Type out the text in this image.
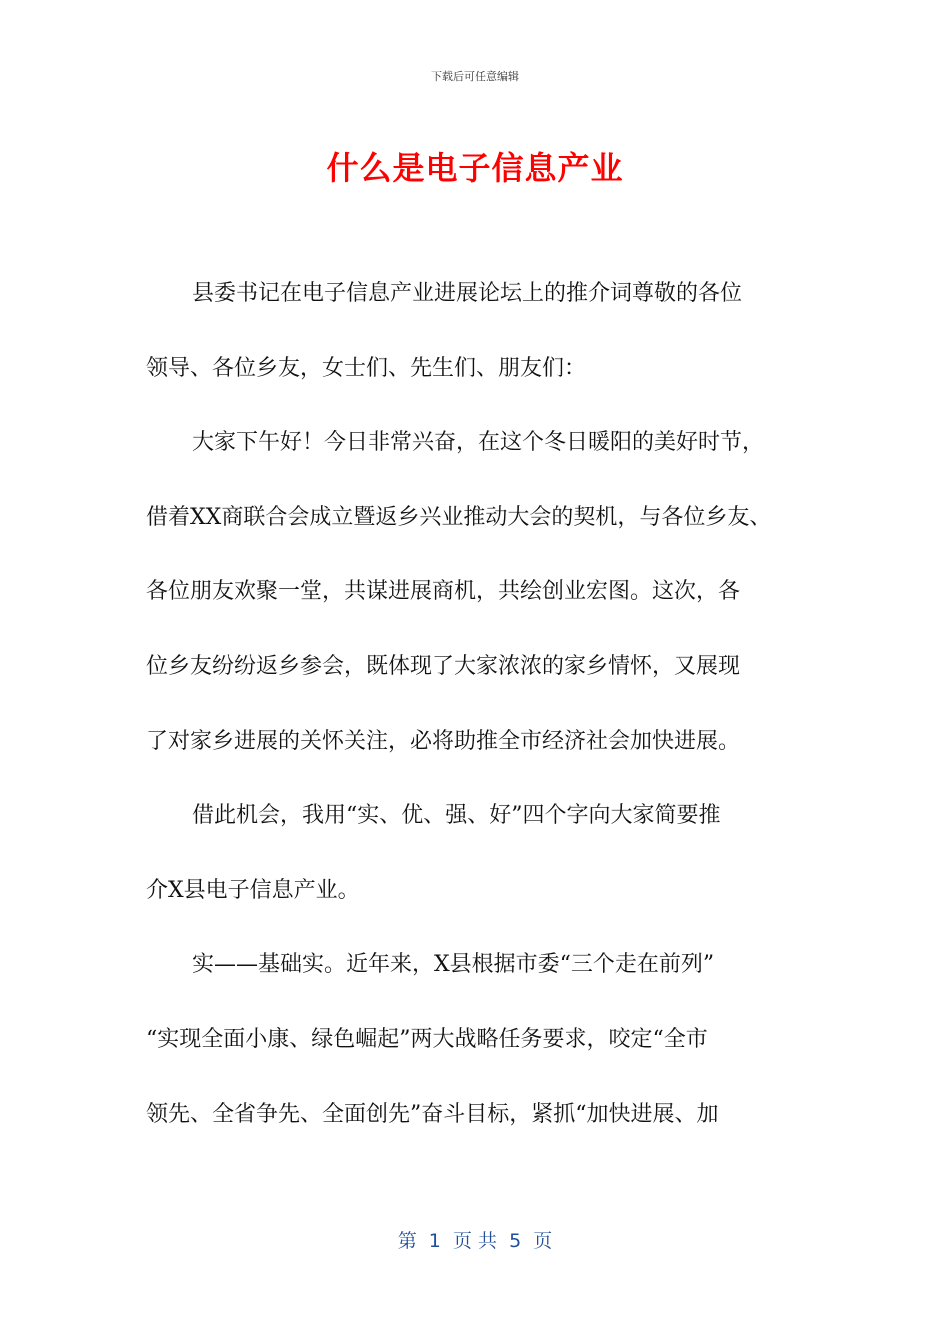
下载后可任意编辑
什么是电子信息产业
县委书记在电子信息产业进展论坛上的推介词尊敬的各位
领导、各位乡友，女士们、先生们、朋友们：
大家下午好！今日非常兴奋，在这个冬日暖阳的美好时节，
借着XX商联合会成立暨返乡兴业推动大会的契机，与各位乡友、
各位朋友欢聚一堂，共谋进展商机，共绘创业宏图。这次，各
位乡友纷纷返乡参会，既体现了大家浓浓的家乡情怀，又展现
了对家乡进展的关怀关注，必将助推全市经济社会加快进展。
借此机会，我用“实、优、强、好”四个字向大家简要推
介X县电子信息产业。
实——基础实。近年来，X县根据市委“三个走在前列”
“实现全面小康、绿色崛起”两大战略任务要求，咬定“全市
领先、全省争先、全面创先”奋斗目标，紧抓“加快进展、加
第  1  页 共  5  页
